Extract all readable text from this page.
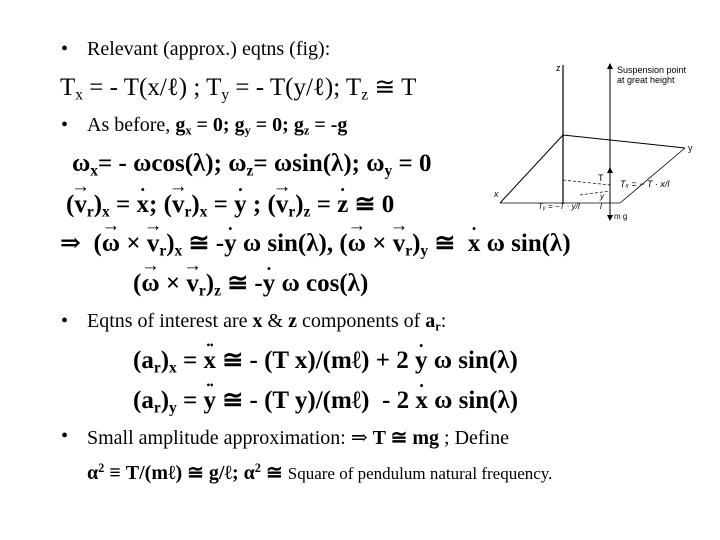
• Relevant (approx.) eqtns (fig):
$T_x$ = - T(x/ℓ) ; $T_y$ = - T(y/ℓ); $T_z$ ≅ T
• As before, $g_x = 0$; $g_y = 0$; $g_z = -g$
$\omega_x= - \omega\cos(\lambda)$; $\omega_z= \omega\sin(\lambda)$; $\omega_y = 0$
(→ $v_r)_x$ = • x; (→ $v_r)_x$ = • y ; (→ $v_r)_z$ = • z ≅ 0
⇒  (→ ω × → $v_r)_x$ ≅ -• y ω sin(λ), (→ ω × → $v_r)_y$ ≅  • x ω sin(λ)
(→ ω × → $v_r)_z$ ≅ -• y ω cos(λ)
• Eqtns of interest are x & z components of $a_r$:
$(a_r)_x$ = •• x ≅ - (T x)/(mℓ) + 2 • y ω sin(λ)
$(a_r)_y$ = •• y ≅ - (T y)/(mℓ)  - 2 • x ω sin(λ)
• Small amplitude approximation: ⇒ T ≅ mg ; Define
$\alpha^2$ ≡ T/(mℓ) ≅ g/ℓ; $\alpha^2$ ≅ Square of pendulum natural frequency.
z	Suspension point
at great height
y
x
T
Tₓ = − T · x/l
Tᵧ = −T · y/l
y
l
m g
